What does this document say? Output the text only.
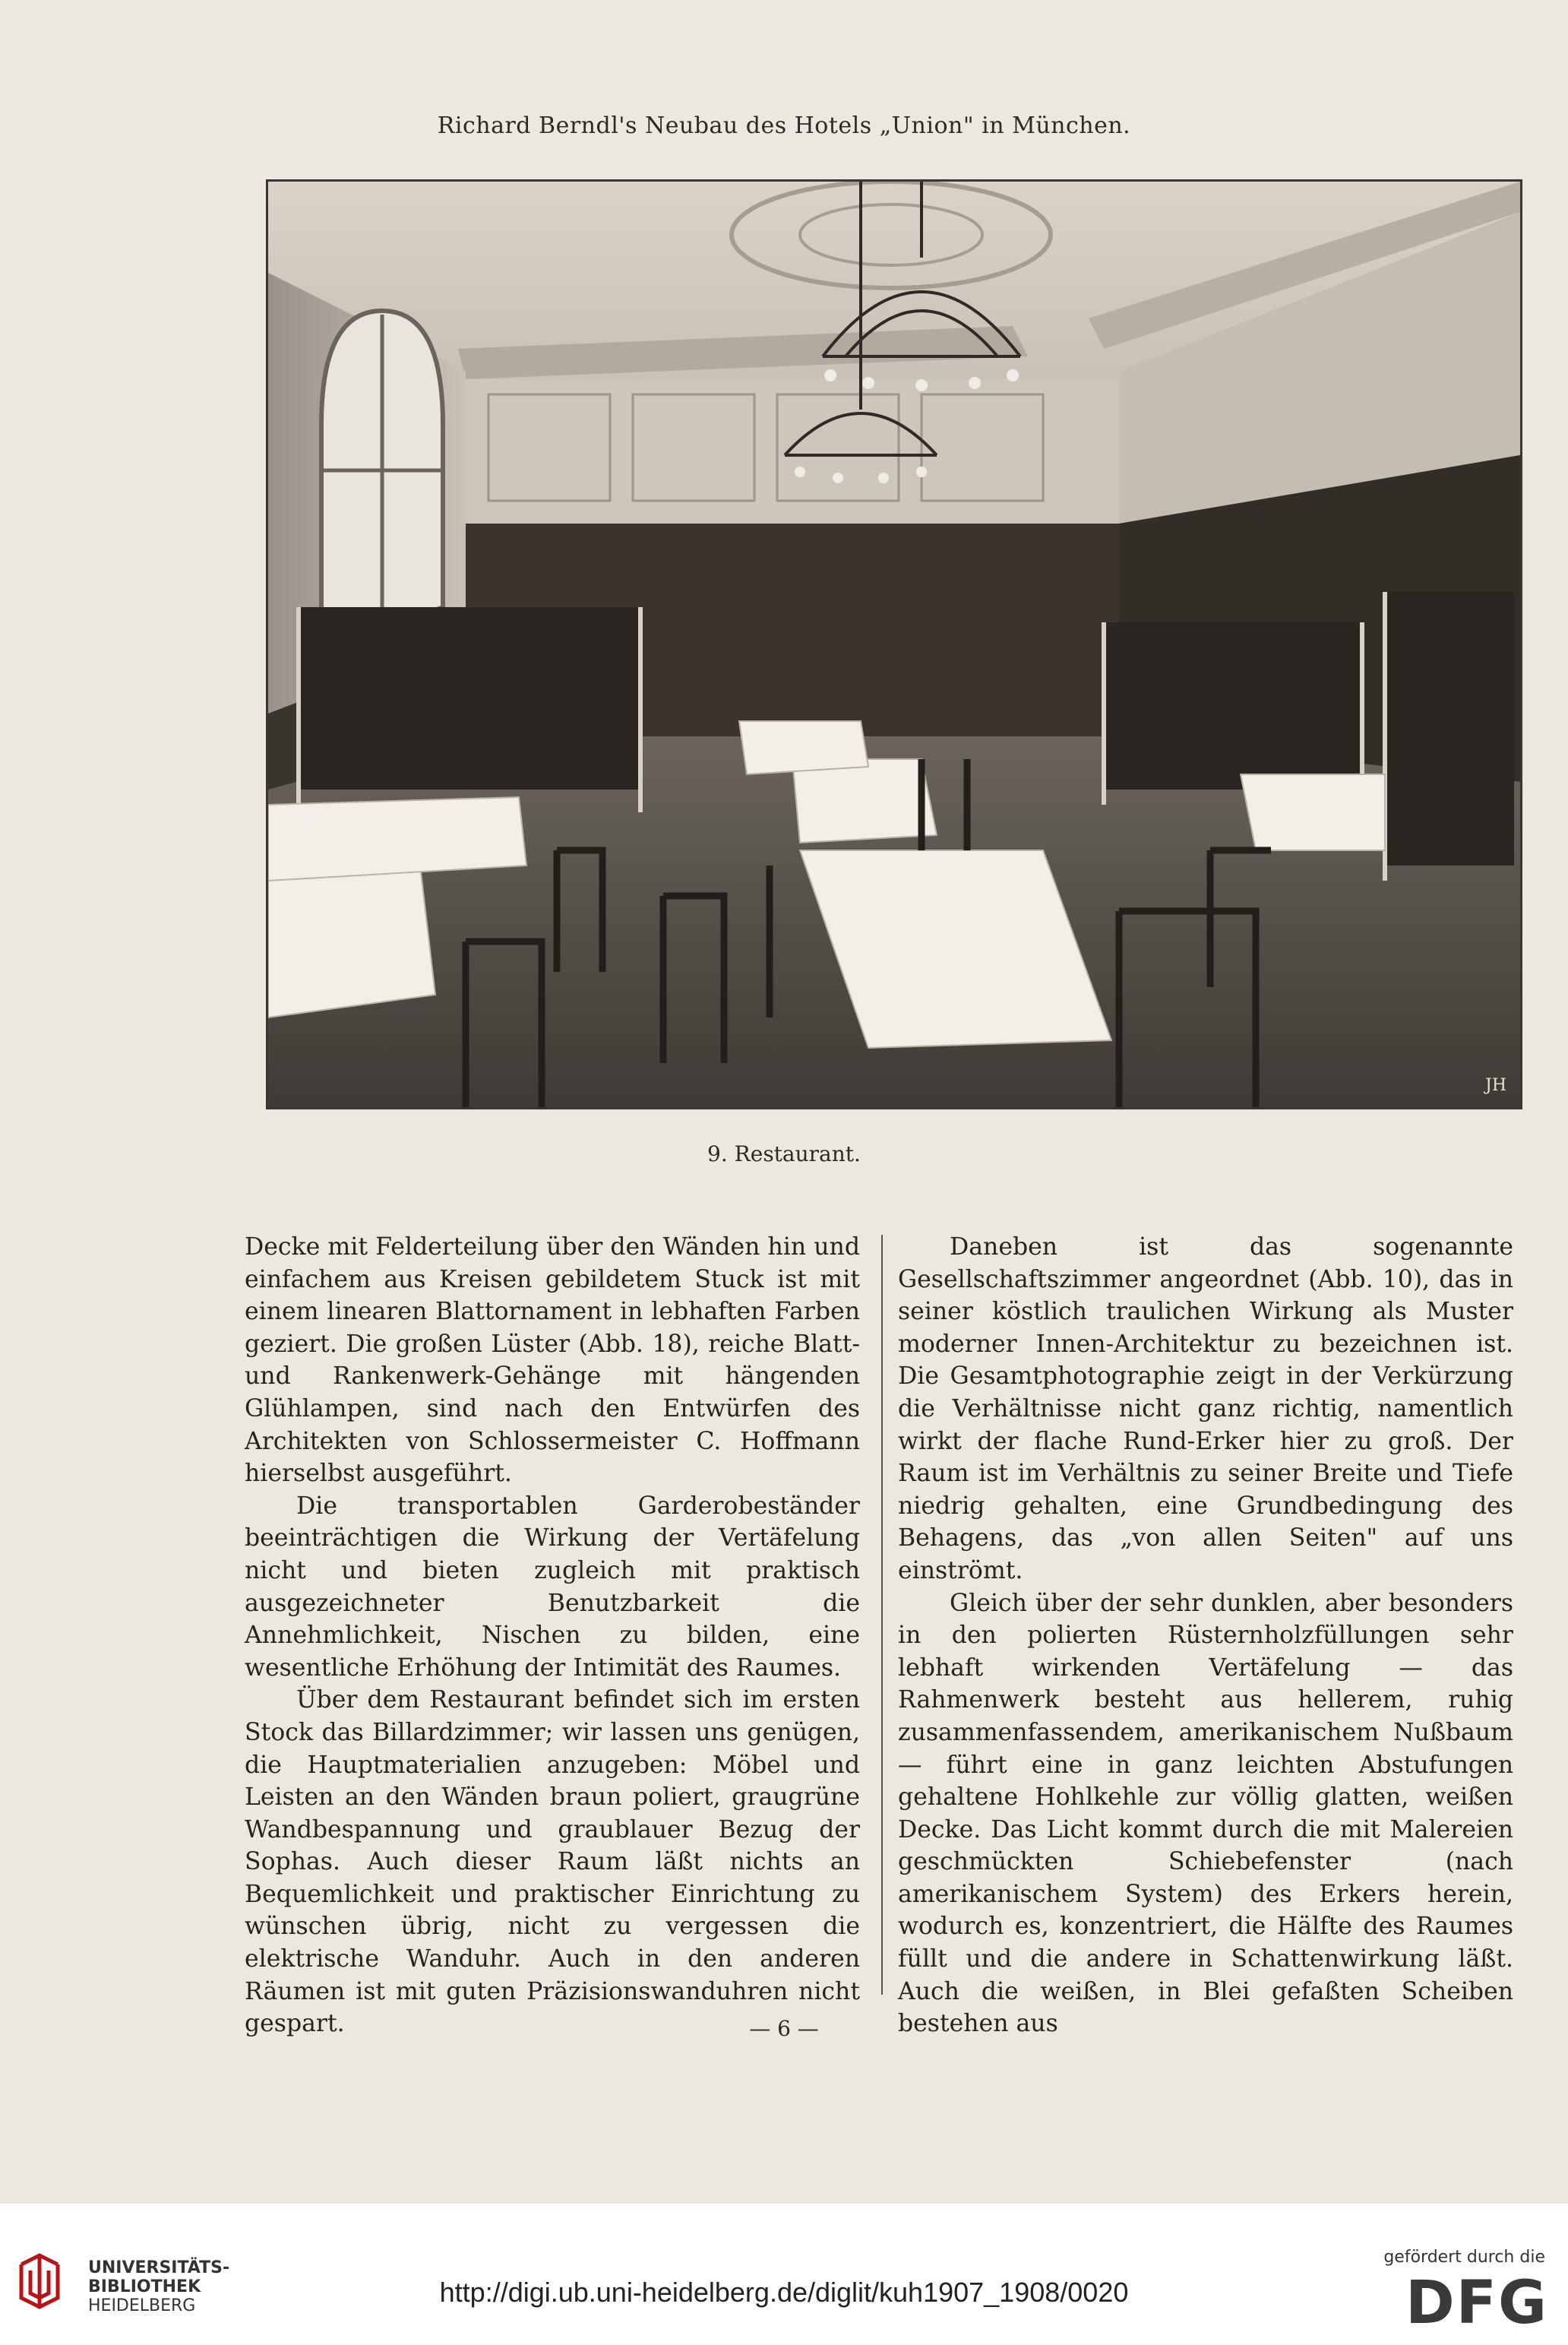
Richard Berndl's Neubau des Hotels „Union" in München.
JH
9. Restaurant.

Decke mit Felderteilung über den Wänden hin und einfachem aus Kreisen gebildetem Stuck ist mit einem linearen Blattornament in lebhaften Farben geziert. Die großen Lüster (Abb. 18), reiche Blatt- und Rankenwerk-Gehänge mit hängenden Glühlampen, sind nach den Entwürfen des Architekten von Schlossermeister C. Hoffmann hierselbst ausgeführt.

Die transportablen Garderobeständer beeinträchtigen die Wirkung der Vertäfelung nicht und bieten zugleich mit praktisch ausgezeichneter Benutzbarkeit die Annehmlichkeit, Nischen zu bilden, eine wesentliche Erhöhung der Intimität des Raumes.

Über dem Restaurant befindet sich im ersten Stock das Billardzimmer; wir lassen uns genügen, die Hauptmaterialien anzugeben: Möbel und Leisten an den Wänden braun poliert, graugrüne Wandbespannung und graublauer Bezug der Sophas. Auch dieser Raum läßt nichts an Bequemlichkeit und praktischer Einrichtung zu wünschen übrig, nicht zu vergessen die elektrische Wanduhr. Auch in den anderen Räumen ist mit guten Präzisionswanduhren nicht gespart.

Daneben ist das sogenannte Gesellschaftszimmer angeordnet (Abb. 10), das in seiner köstlich traulichen Wirkung als Muster moderner Innen-Architektur zu bezeichnen ist. Die Gesamtphotographie zeigt in der Verkürzung die Verhältnisse nicht ganz richtig, namentlich wirkt der flache Rund-Erker hier zu groß. Der Raum ist im Verhältnis zu seiner Breite und Tiefe niedrig gehalten, eine Grundbedingung des Behagens, das „von allen Seiten" auf uns einströmt.

Gleich über der sehr dunklen, aber besonders in den polierten Rüsternholzfüllungen sehr lebhaft wirkenden Vertäfelung — das Rahmenwerk besteht aus hellerem, ruhig zusammenfassendem, amerikanischem Nußbaum — führt eine in ganz leichten Abstufungen gehaltene Hohlkehle zur völlig glatten, weißen Decke. Das Licht kommt durch die mit Malereien geschmückten Schiebefenster (nach amerikanischem System) des Erkers herein, wodurch es, konzentriert, die Hälfte des Raumes füllt und die andere in Schattenwirkung läßt. Auch die weißen, in Blei gefaßten Scheiben bestehen aus

— 6 —
UNIVERSITÄTS-
BIBLIOTHEK
HEIDELBERG	http://digi.ub.uni-heidelberg.de/diglit/kuh1907_1908/0020
gefördert durch die
DFG
